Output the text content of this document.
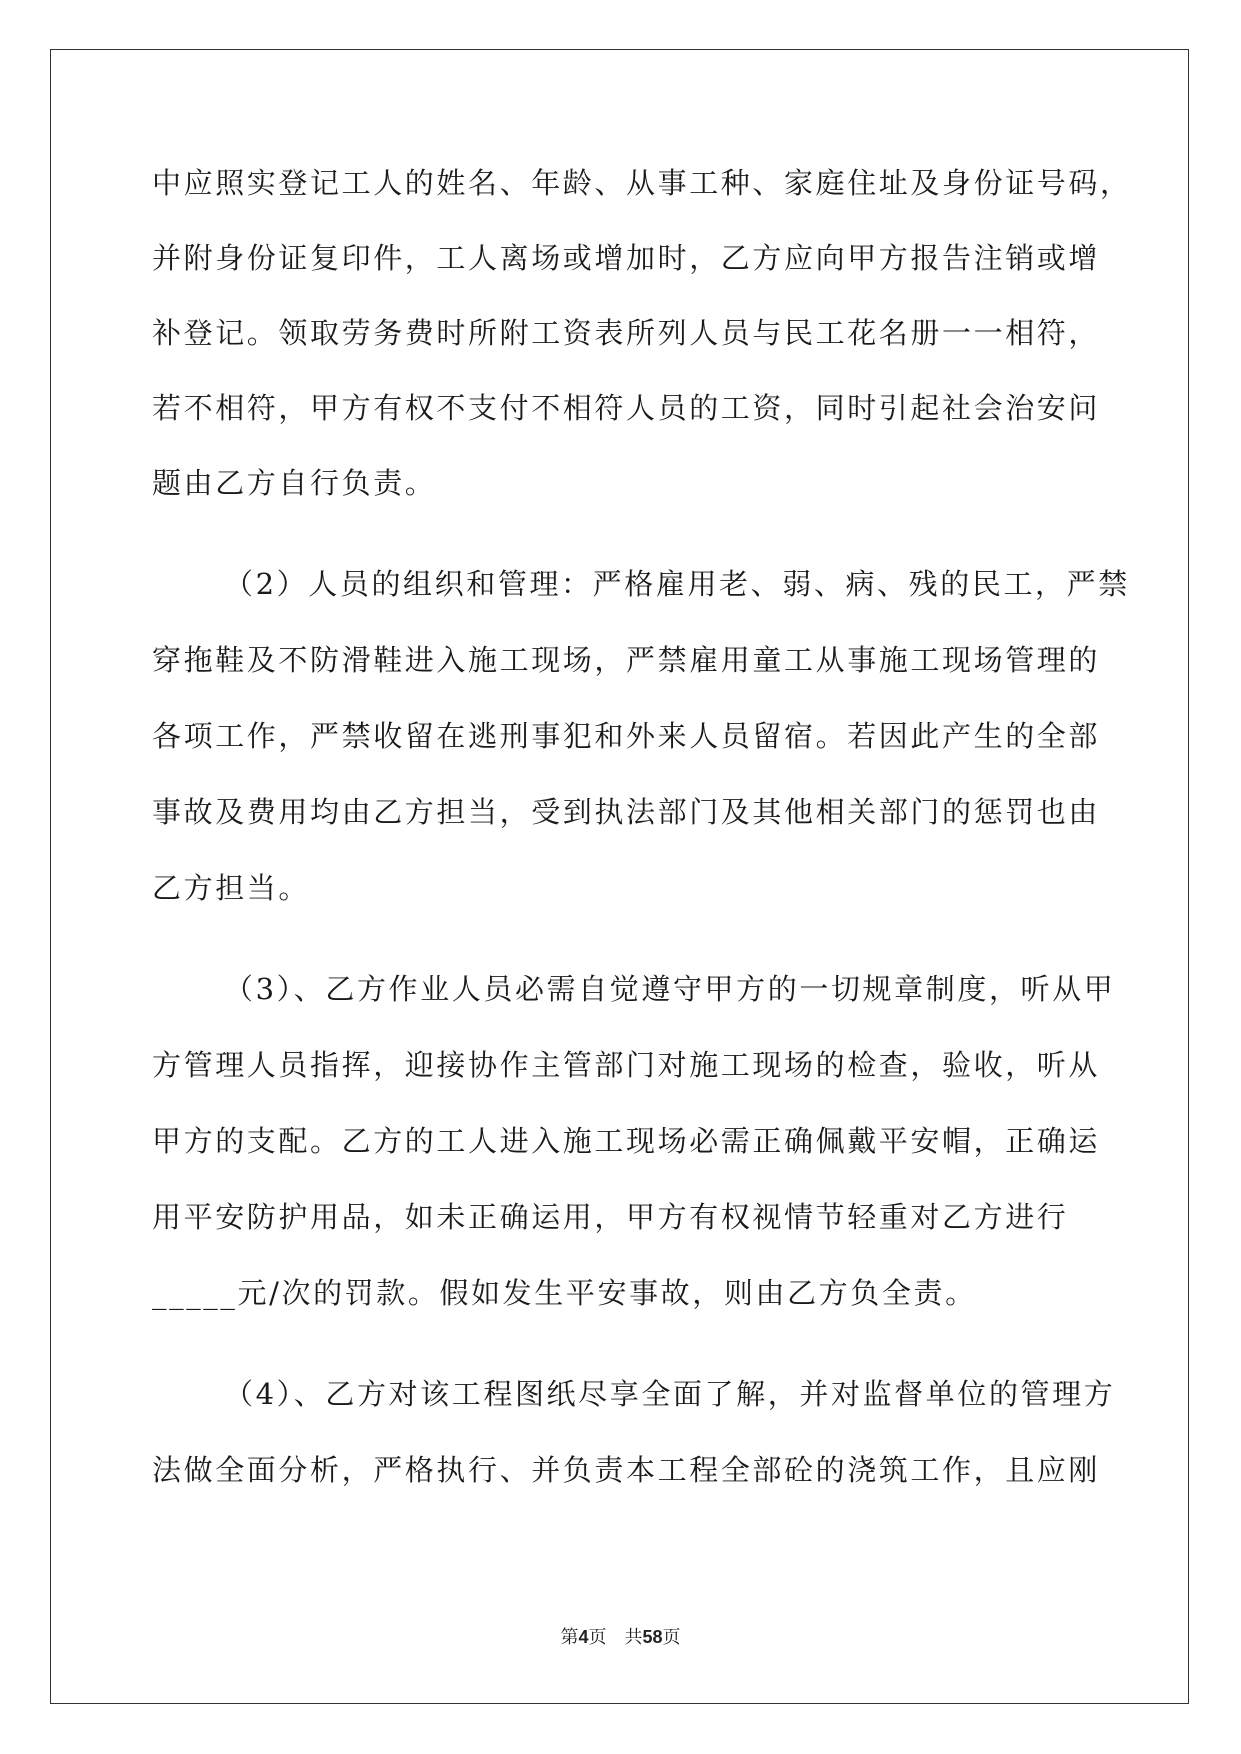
中应照实登记工人的姓名、年龄、从事工种、家庭住址及身份证号码，
并附身份证复印件，工人离场或增加时，乙方应向甲方报告注销或增
补登记。领取劳务费时所附工资表所列人员与民工花名册一一相符，
若不相符，甲方有权不支付不相符人员的工资，同时引起社会治安问
题由乙方自行负责。
（2）人员的组织和管理：严格雇用老、弱、病、残的民工，严禁
穿拖鞋及不防滑鞋进入施工现场，严禁雇用童工从事施工现场管理的
各项工作，严禁收留在逃刑事犯和外来人员留宿。若因此产生的全部
事故及费用均由乙方担当，受到执法部门及其他相关部门的惩罚也由
乙方担当。
（3）、乙方作业人员必需自觉遵守甲方的一切规章制度，听从甲
方管理人员指挥，迎接协作主管部门对施工现场的检查，验收，听从
甲方的支配。乙方的工人进入施工现场必需正确佩戴平安帽，正确运
用平安防护用品，如未正确运用，甲方有权视情节轻重对乙方进行
_____元/次的罚款。假如发生平安事故，则由乙方负全责。
（4）、乙方对该工程图纸尽享全面了解，并对监督单位的管理方
法做全面分析，严格执行、并负责本工程全部砼的浇筑工作，且应刚
第4页 共58页
